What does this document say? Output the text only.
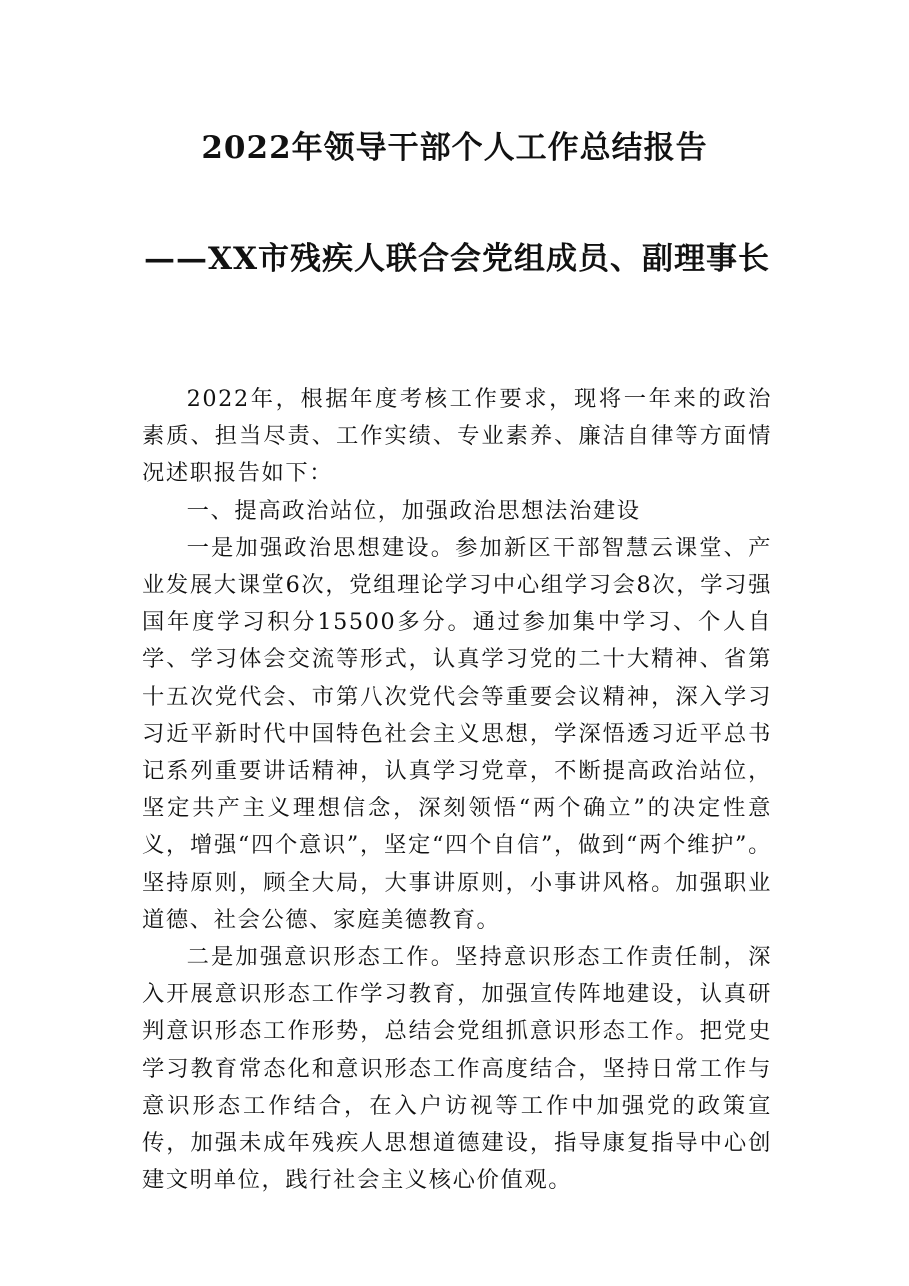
2022年领导干部个人工作总结报告
——XX市残疾人联合会党组成员、副理事长

2022年，根据年度考核工作要求，现将一年来的政治素质、担当尽责、工作实绩、专业素养、廉洁自律等方面情况述职报告如下：

一、提高政治站位，加强政治思想法治建设

一是加强政治思想建设。参加新区干部智慧云课堂、产业发展大课堂6次，党组理论学习中心组学习会8次，学习强国年度学习积分15500多分。通过参加集中学习、个人自学、学习体会交流等形式，认真学习党的二十大精神、省第十五次党代会、市第八次党代会等重要会议精神，深入学习习近平新时代中国特色社会主义思想，学深悟透习近平总书记系列重要讲话精神，认真学习党章，不断提高政治站位，坚定共产主义理想信念，深刻领悟“两个确立”的决定性意义，增强“四个意识”，坚定“四个自信”，做到“两个维护”。坚持原则，顾全大局，大事讲原则，小事讲风格。加强职业道德、社会公德、家庭美德教育。

二是加强意识形态工作。坚持意识形态工作责任制，深入开展意识形态工作学习教育，加强宣传阵地建设，认真研判意识形态工作形势，总结会党组抓意识形态工作。把党史学习教育常态化和意识形态工作高度结合，坚持日常工作与意识形态工作结合，在入户访视等工作中加强党的政策宣传，加强未成年残疾人思想道德建设，指导康复指导中心创建文明单位，践行社会主义核心价值观。
